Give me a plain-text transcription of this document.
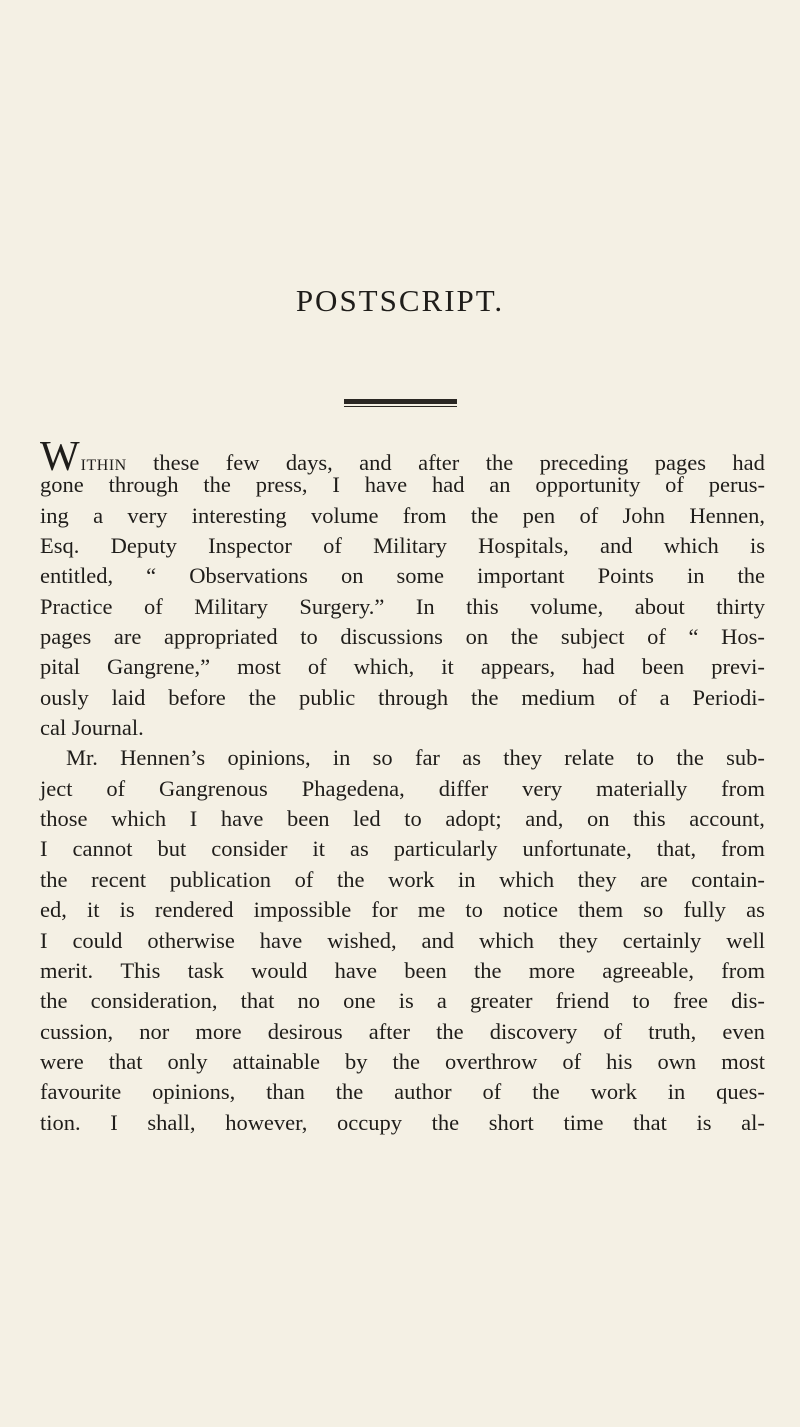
POSTSCRIPT.
Within these few days, and after the preceding pages had
gone through the press, I have had an opportunity of perus-
ing a very interesting volume from the pen of John Hennen,
Esq. Deputy Inspector of Military Hospitals, and which is
entitled, “ Observations on some important Points in the
Practice of Military Surgery.” In this volume, about thirty
pages are appropriated to discussions on the subject of “ Hos-
pital Gangrene,” most of which, it appears, had been previ-
ously laid before the public through the medium of a Periodi-
cal Journal.
Mr. Hennen’s opinions, in so far as they relate to the sub-
ject of Gangrenous Phagedena, differ very materially from
those which I have been led to adopt; and, on this account,
I cannot but consider it as particularly unfortunate, that, from
the recent publication of the work in which they are contain-
ed, it is rendered impossible for me to notice them so fully as
I could otherwise have wished, and which they certainly well
merit. This task would have been the more agreeable, from
the consideration, that no one is a greater friend to free dis-
cussion, nor more desirous after the discovery of truth, even
were that only attainable by the overthrow of his own most
favourite opinions, than the author of the work in ques-
tion. I shall, however, occupy the short time that is al-
